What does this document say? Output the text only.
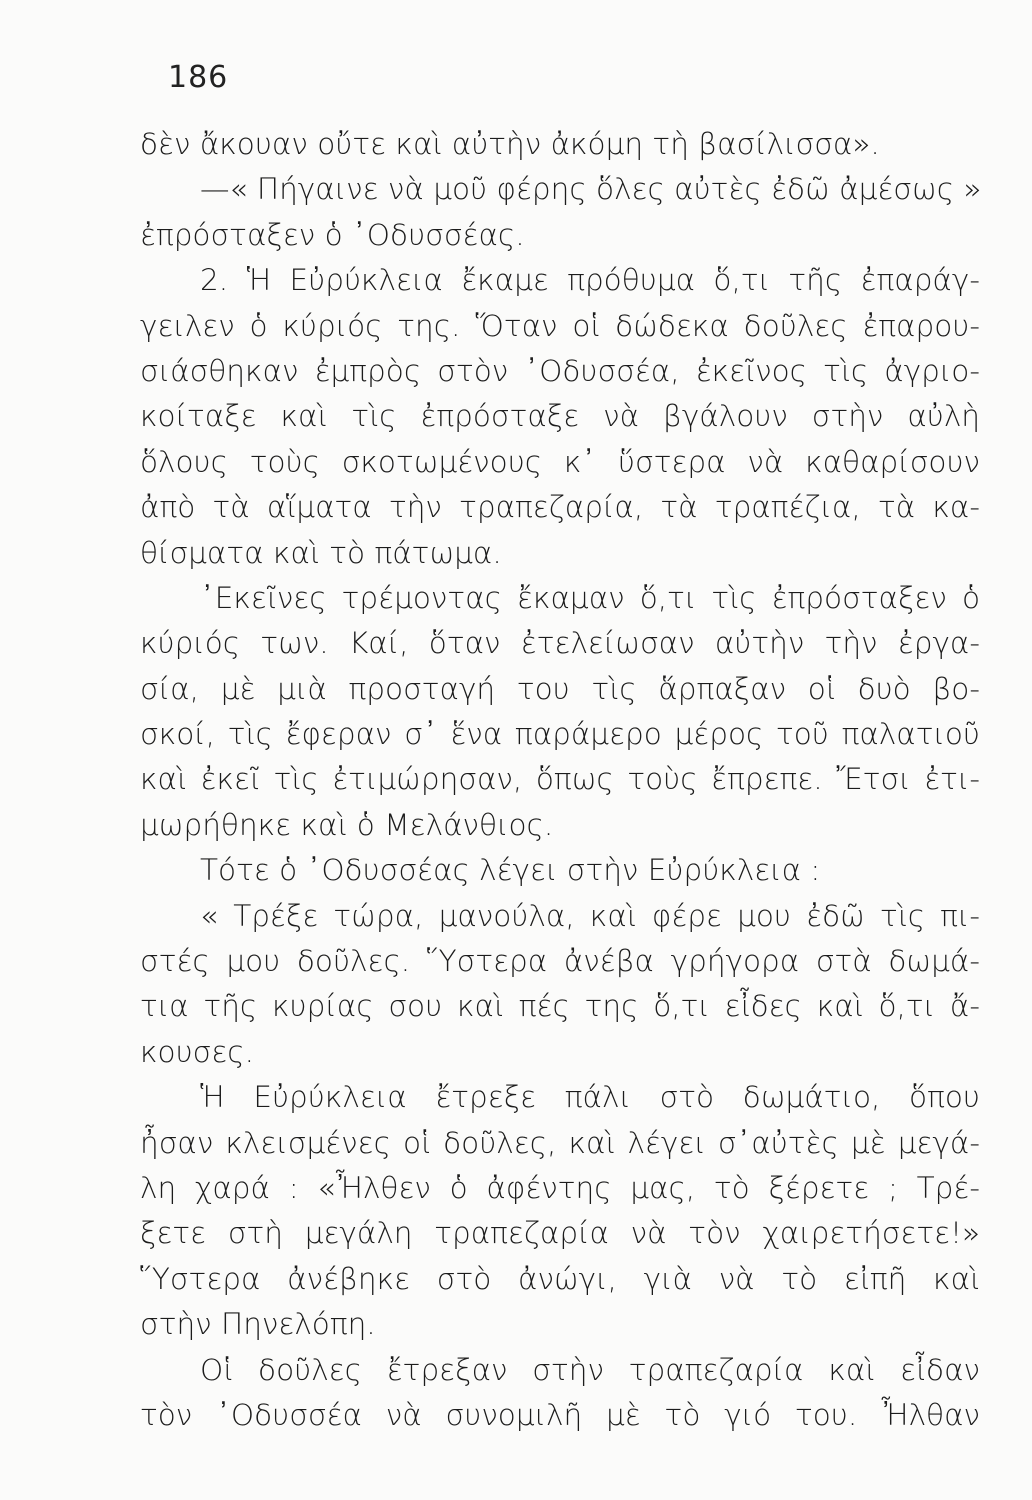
186
δὲν ἄκουαν οὔτε καὶ αὐτὴν ἀκόμη τὴ βασίλισσα».
—« Πήγαινε νὰ μοῦ φέρης ὅλες αὐτὲς ἐδῶ ἀμέσως »
ἐπρόσταξεν ὁ ᾿Οδυσσέας.
2. Ἡ Εὐρύκλεια ἔκαμε πρόθυμα ὅ,τι τῆς ἐπαράγ-
γειλεν ὁ κύριός της. Ὅταν οἱ δώδεκα δοῦλες ἐπαρου-
σιάσθηκαν ἐμπρὸς στὸν ᾿Οδυσσέα, ἐκεῖνος τὶς ἀγριο-
κοίταξε καὶ τὶς ἐπρόσταξε νὰ βγάλουν στὴν αὐλὴ
ὅλους τοὺς σκοτωμένους κ᾿ ὕστερα νὰ καθαρίσουν
ἀπὸ τὰ αἵματα τὴν τραπεζαρία, τὰ τραπέζια, τὰ κα-
θίσματα καὶ τὸ πάτωμα.
᾿Εκεῖνες τρέμοντας ἔκαμαν ὅ,τι τὶς ἐπρόσταξεν ὁ
κύριός των. Καί, ὅταν ἐτελείωσαν αὐτὴν τὴν ἐργα-
σία, μὲ μιὰ προσταγή του τὶς ἅρπαξαν οἱ δυὸ βο-
σκοί, τὶς ἔφεραν σ᾿ ἕνα παράμερο μέρος τοῦ παλατιοῦ
καὶ ἐκεῖ τὶς ἐτιμώρησαν, ὅπως τοὺς ἔπρεπε. Ἔτσι ἐτι-
μωρήθηκε καὶ ὁ Μελάνθιος.
Τότε ὁ ᾿Οδυσσέας λέγει στὴν Εὐρύκλεια :
« Τρέξε τώρα, μανούλα, καὶ φέρε μου ἐδῶ τὶς πι-
στές μου δοῦλες. Ὕστερα ἀνέβα γρήγορα στὰ δωμά-
τια τῆς κυρίας σου καὶ πές της ὅ,τι εἶδες καὶ ὅ,τι ἄ-
κουσες.
Ἡ Εὐρύκλεια ἔτρεξε πάλι στὸ δωμάτιο, ὅπου
ἦσαν κλεισμένες οἱ δοῦλες, καὶ λέγει σ᾿αὐτὲς μὲ μεγά-
λη χαρά : «Ἦλθεν ὁ ἀφέντης μας, τὸ ξέρετε ; Τρέ-
ξετε στὴ μεγάλη τραπεζαρία νὰ τὸν χαιρετήσετε!»
Ὕστερα ἀνέβηκε στὸ ἀνώγι, γιὰ νὰ τὸ εἰπῆ καὶ
στὴν Πηνελόπη.
Οἱ δοῦλες ἔτρεξαν στὴν τραπεζαρία καὶ εἶδαν
τὸν ᾿Οδυσσέα νὰ συνομιλῆ μὲ τὸ γιό του. Ἦλθαν
